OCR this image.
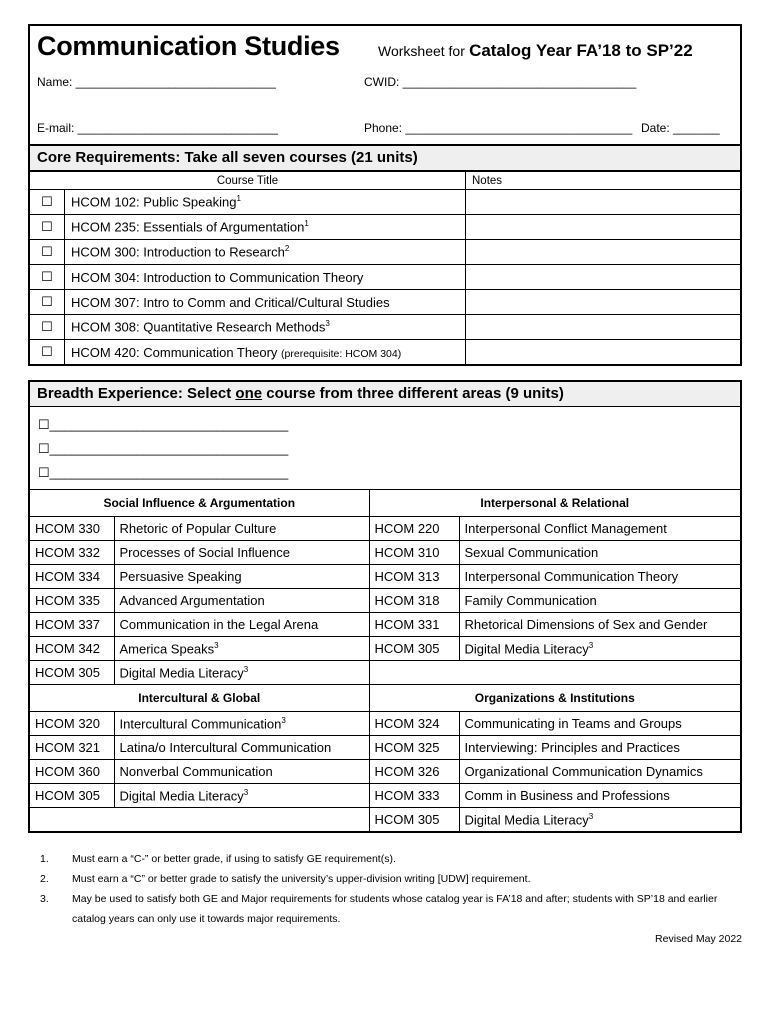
Communication Studies	Worksheet for Catalog Year FA’18 to SP’22
Name: ______________________________	CWID: ___________________________________
E-mail: ______________________________	Phone: __________________________________ Date: _______
Core Requirements: Take all seven courses (21 units)
Course Title		Notes
☐	HCOM 102: Public Speaking$^1$	
☐	HCOM 235: Essentials of Argumentation$^1$	
☐	HCOM 300: Introduction to Research$^2$	
☐	HCOM 304: Introduction to Communication Theory	
☐	HCOM 307: Intro to Comm and Critical/Cultural Studies	
☐	HCOM 308: Quantitative Research Methods$^3$	
☐	HCOM 420: Communication Theory (prerequisite: HCOM 304)	
Breadth Experience: Select one course from three different areas (9 units)
☐_________________________________
☐_________________________________
☐_________________________________
Social Influence & Argumentation		Interpersonal & Relational	
HCOM 330	Rhetoric of Popular Culture	HCOM 220	Interpersonal Conflict Management
HCOM 332	Processes of Social Influence	HCOM 310	Sexual Communication
HCOM 334	Persuasive Speaking	HCOM 313	Interpersonal Communication Theory
HCOM 335	Advanced Argumentation	HCOM 318	Family Communication
HCOM 337	Communication in the Legal Arena	HCOM 331	Rhetorical Dimensions of Sex and Gender
HCOM 342	America Speaks$^3$	HCOM 305	Digital Media Literacy$^3$
HCOM 305	Digital Media Literacy$^3$	
Intercultural & Global		Organizations & Institutions	
HCOM 320	Intercultural Communication$^3$	HCOM 324	Communicating in Teams and Groups
HCOM 321	Latina/o Intercultural Communication	HCOM 325	Interviewing: Principles and Practices
HCOM 360	Nonverbal Communication	HCOM 326	Organizational Communication Dynamics
HCOM 305	Digital Media Literacy$^3$	HCOM 333	Comm in Business and Professions
		HCOM 305	Digital Media Literacy$^3$
1.	Must earn a “C-” or better grade, if using to satisfy GE requirement(s).
2.	Must earn a “C” or better grade to satisfy the university’s upper-division writing [UDW] requirement.
3.	May be used to satisfy both GE and Major requirements for students whose catalog year is FA’18 and after; students with SP’18 and earlier catalog years can only use it towards major requirements.
Revised May 2022
